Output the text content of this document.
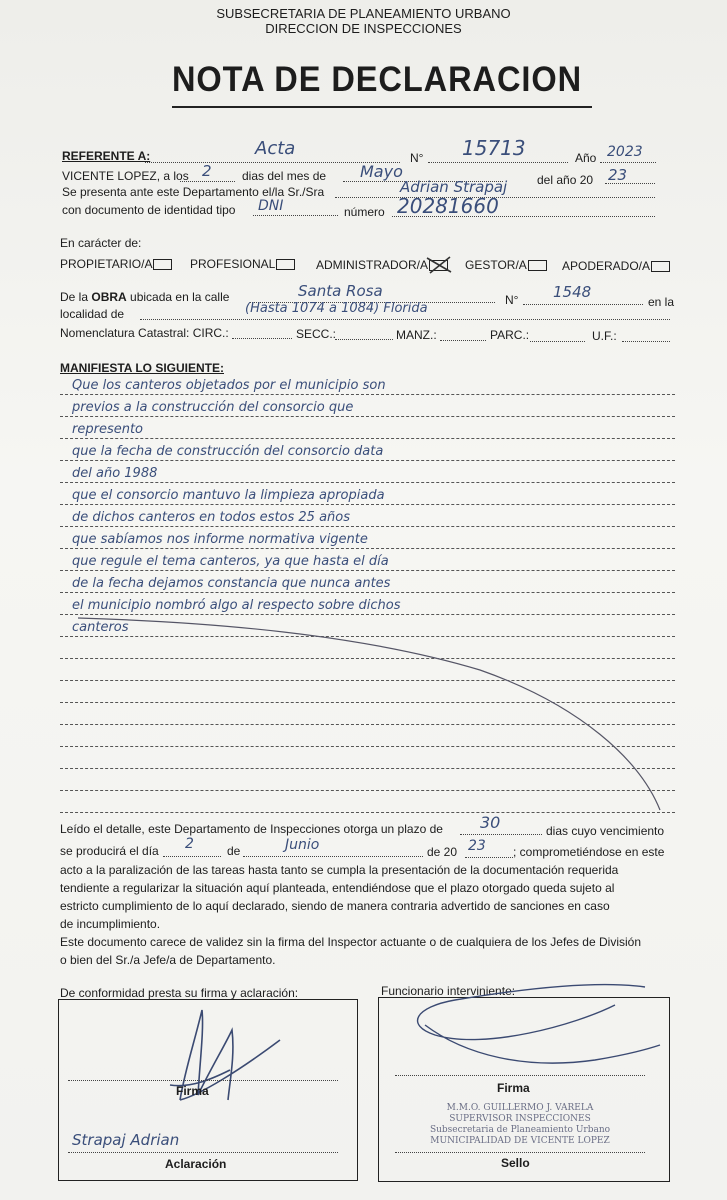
SUBSECRETARIA DE PLANEAMIENTO URBANO
DIRECCION DE INSPECCIONES
NOTA DE DECLARACION
REFERENTE A:	Acta	N° 15713	Año 2023
VICENTE LOPEZ, a los 2	dias del mes de Mayo	del año 20 23
Se presenta ante este Departamento el/la Sr./Sra	Adrian Strapaj
con documento de identidad tipo DNI	número 20281660
En carácter de:
PROPIETARIO/A	PROFESIONAL	ADMINISTRADOR/A	GESTOR/A	APODERADO/A
De la OBRA ubicada en la calle	Santa Rosa	N° 1548
en la
localidad de	(Hasta 1074 a 1084) Florida
Nomenclatura Catastral: CIRC.:	SECC.:	MANZ.:	PARC.:	U.F.:
MANIFIESTA LO SIGUIENTE:
Que los canteros objetados por el municipio son
previos a la construcción del consorcio que
represento
que la fecha de construcción del consorcio data
del año 1988
que el consorcio mantuvo la limpieza apropiada
de dichos canteros en todos estos 25 años
que sabíamos nos informe normativa vigente
que regule el tema canteros, ya que hasta el día
de la fecha dejamos constancia que nunca antes
el municipio nombró algo al respecto sobre dichos
canteros
Leído el detalle, este Departamento de Inspecciones otorga un plazo de 30	dias cuyo vencimiento
se producirá el día 2	de	Junio	de 20 23 ; comprometiéndose en este
acto a la paralización de las tareas hasta tanto se cumpla la presentación de la documentación requerida
tendiente a regularizar la situación aquí planteada, entendiéndose que el plazo otorgado queda sujeto al
estricto cumplimiento de lo aquí declarado, siendo de manera contraria advertido de sanciones en caso
de incumplimiento.
Este documento carece de validez sin la firma del Inspector actuante o de cualquiera de los Jefes de División
o bien del Sr./a Jefe/a de Departamento.
De conformidad presta su firma y aclaración:
Firma
Strapaj Adrian
Aclaración
Funcionario interviniente:
Firma
M.M.O. GUILLERMO J. VARELA
SUPERVISOR INSPECCIONES
Subsecretaria de Planeamiento Urbano
MUNICIPALIDAD DE VICENTE LOPEZ
Sello
